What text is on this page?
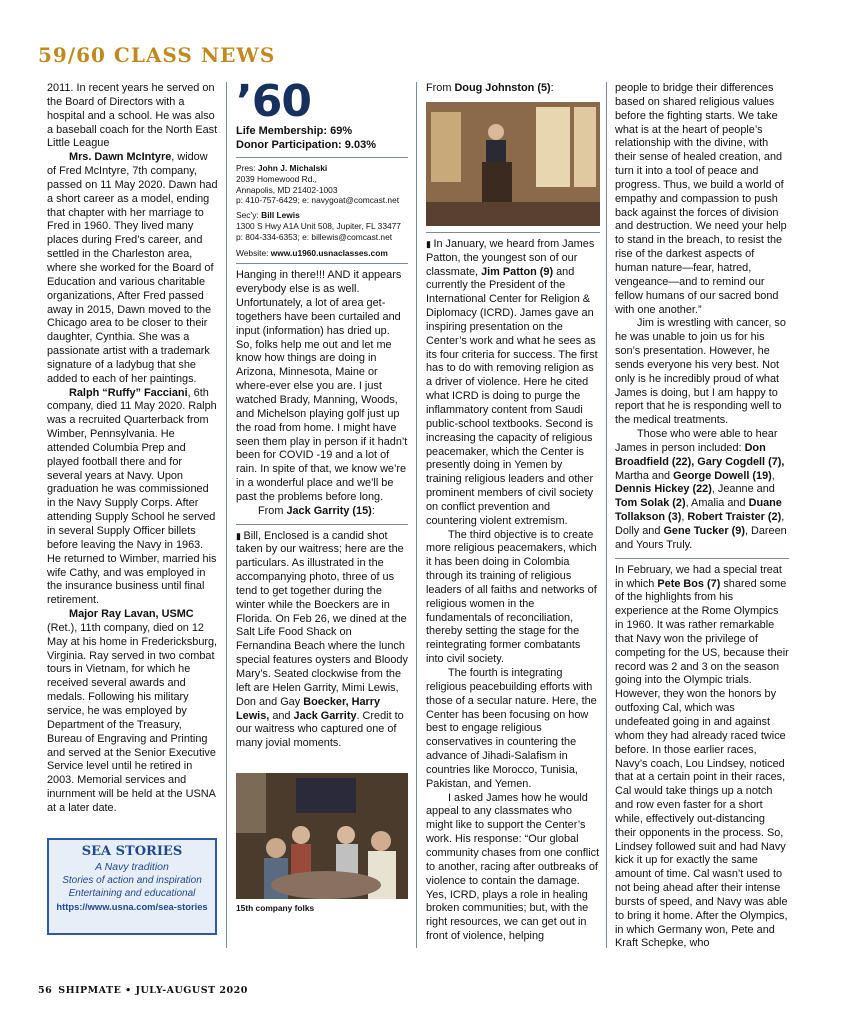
59/60 CLASS NEWS

2011. In recent years he served on the Board of Directors with a hospital and a school. He was also a baseball coach for the North East Little League

Mrs. Dawn McIntyre, widow of Fred McIntyre, 7th company, passed on 11 May 2020. Dawn had a short career as a model, ending that chapter with her marriage to Fred in 1960. They lived many places during Fred’s career, and settled in the Charleston area, where she worked for the Board of Education and various charitable organizations, After Fred passed away in 2015, Dawn moved to the Chicago area to be closer to their daughter, Cynthia. She was a passionate artist with a trademark signature of a ladybug that she added to each of her paintings.

Ralph “Ruffy” Facciani, 6th company, died 11 May 2020. Ralph was a recruited Quarterback from Wimber, Pennsylvania. He attended Columbia Prep and played football there and for several years at Navy. Upon graduation he was commissioned in the Navy Supply Corps. After attending Supply School he served in several Supply Officer billets before leaving the Navy in 1963. He returned to Wimber, married his wife Cathy, and was employed in the insurance business until final retirement.

Major Ray Lavan, USMC (Ret.), 11th company, died on 12 May at his home in Fredericksburg, Virginia. Ray served in two combat tours in Vietnam, for which he received several awards and medals. Following his military service, he was employed by Department of the Treasury, Bureau of Engraving and Printing and served at the Senior Executive Service level until he retired in 2003. Memorial services and inurnment will be held at the USNA at a later date.

SEA STORIES
A Navy tradition
Stories of action and inspiration
Entertaining and educational
https://www.usna.com/sea-stories
’60
Life Membership: 69%
Donor Participation: 9.03%
Pres: John J. Michalski
2039 Homewood Rd.,
Annapolis, MD 21402-1003
p: 410-757-6429; e: navygoat@comcast.net
Sec’y: Bill Lewis
1300 S Hwy A1A Unit 508, Jupiter, FL 33477
p: 804-334-6353; e: billewis@comcast.net
Website: www.u1960.usnaclasses.com

Hanging in there!!! AND it appears everybody else is as well. Unfortunately, a lot of area get-togethers have been curtailed and input (information) has dried up. So, folks help me out and let me know how things are doing in Arizona, Minnesota, Maine or where-ever else you are. I just watched Brady, Manning, Woods, and Michelson playing golf just up the road from home. I might have seen them play in person if it hadn’t been for COVID -19 and a lot of rain. In spite of that, we know we’re in a wonderful place and we’ll be past the problems before long.

From Jack Garrity (15):

▮ Bill, Enclosed is a candid shot taken by our waitress; here are the particulars. As illustrated in the accompanying photo, three of us tend to get together during the winter while the Boeckers are in Florida. On Feb 26, we dined at the Salt Life Food Shack on Fernandina Beach where the lunch special features oysters and Bloody Mary’s. Seated clockwise from the left are Helen Garrity, Mimi Lewis, Don and Gay Boecker, Harry Lewis, and Jack Garrity. Credit to our waitress who captured one of many jovial moments.

15th company folks

From Doug Johnston (5):

▮ In January, we heard from James Patton, the youngest son of our classmate, Jim Patton (9) and currently the President of the International Center for Religion & Diplomacy (ICRD). James gave an inspiring presentation on the Center’s work and what he sees as its four criteria for success. The first has to do with removing religion as a driver of violence. Here he cited what ICRD is doing to purge the inflammatory content from Saudi public-school textbooks. Second is increasing the capacity of religious peacemaker, which the Center is presently doing in Yemen by training religious leaders and other prominent members of civil society on conflict prevention and countering violent extremism.

The third objective is to create more religious peacemakers, which it has been doing in Colombia through its training of religious leaders of all faiths and networks of religious women in the fundamentals of reconciliation, thereby setting the stage for the reintegrating former combatants into civil society.

The fourth is integrating religious peacebuilding efforts with those of a secular nature. Here, the Center has been focusing on how best to engage religious conservatives in countering the advance of Jihadi-Salafism in countries like Morocco, Tunisia, Pakistan, and Yemen.

I asked James how he would appeal to any classmates who might like to support the Center’s work. His response: “Our global community chases from one conflict to another, racing after outbreaks of violence to contain the damage. Yes, ICRD, plays a role in healing broken communities; but, with the right resources, we can get out in front of violence, helping

people to bridge their differences based on shared religious values before the fighting starts. We take what is at the heart of people’s relationship with the divine, with their sense of healed creation, and turn it into a tool of peace and progress. Thus, we build a world of empathy and compassion to push back against the forces of division and destruction. We need your help to stand in the breach, to resist the rise of the darkest aspects of human nature—fear, hatred, vengeance—and to remind our fellow humans of our sacred bond with one another.”

Jim is wrestling with cancer, so he was unable to join us for his son’s presentation. However, he sends everyone his very best. Not only is he incredibly proud of what James is doing, but I am happy to report that he is responding well to the medical treatments.

Those who were able to hear James in person included: Don Broadfield (22), Gary Cogdell (7), Martha and George Dowell (19), Dennis Hickey (22), Jeanne and Tom Solak (2), Amalia and Duane Tollakson (3), Robert Traister (2), Dolly and Gene Tucker (9), Dareen and Yours Truly.

In February, we had a special treat in which Pete Bos (7) shared some of the highlights from his experience at the Rome Olympics in 1960. It was rather remarkable that Navy won the privilege of competing for the US, because their record was 2 and 3 on the season going into the Olympic trials. However, they won the honors by outfoxing Cal, which was undefeated going in and against whom they had already raced twice before. In those earlier races, Navy’s coach, Lou Lindsey, noticed that at a certain point in their races, Cal would take things up a notch and row even faster for a short while, effectively out-distancing their opponents in the process. So, Lindsey followed suit and had Navy kick it up for exactly the same amount of time. Cal wasn’t used to not being ahead after their intense bursts of speed, and Navy was able to bring it home. After the Olympics, in which Germany won, Pete and Kraft Schepke, who

56 SHIPMATE • JULY-AUGUST 2020
